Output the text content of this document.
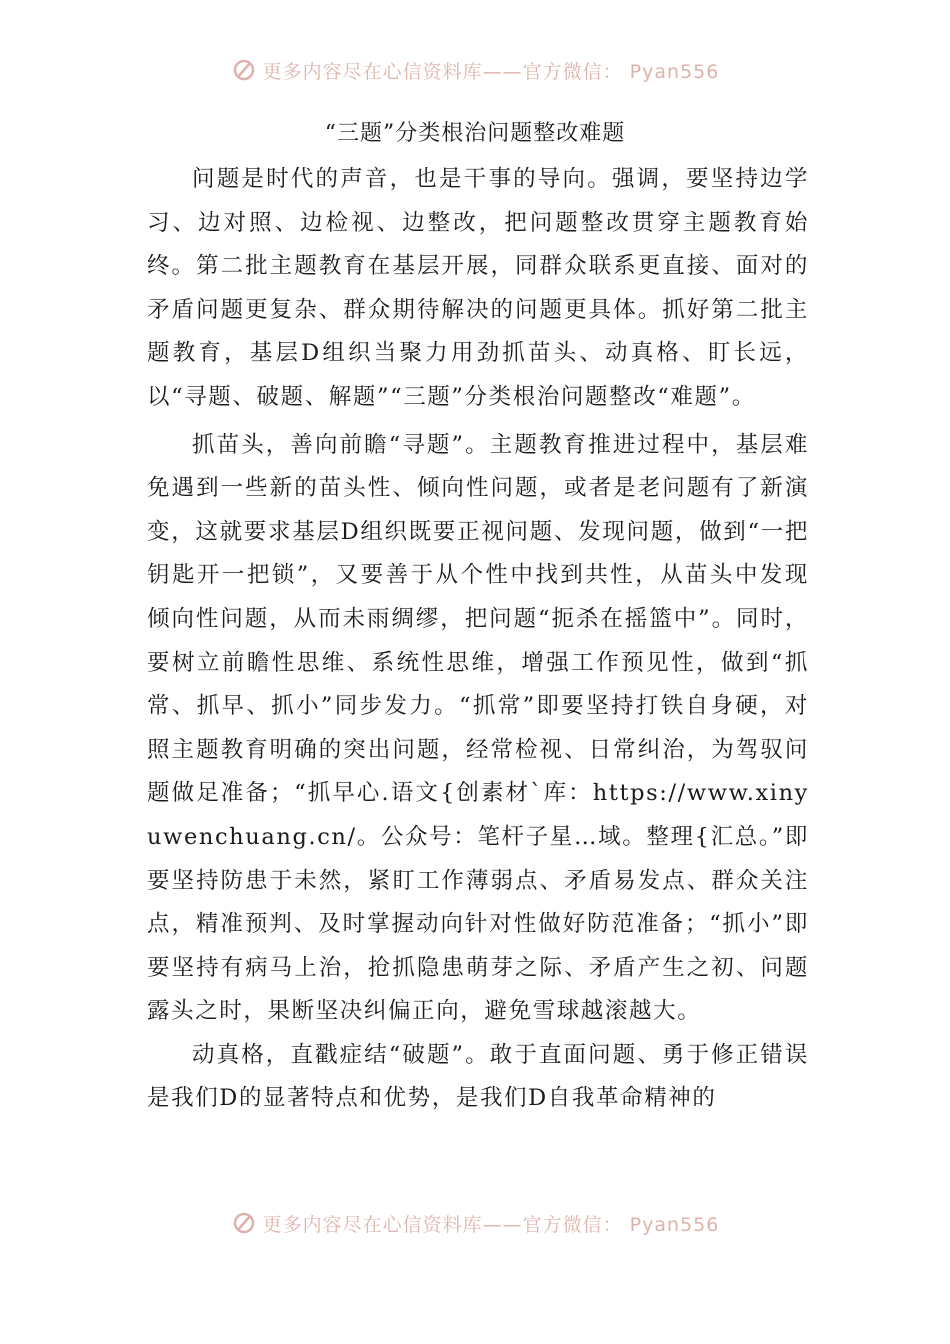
更多内容尽在心信资料库——官方微信： Pyan556
“三题”分类根治问题整改难题

问题是时代的声音，也是干事的导向。强调，要坚持边学习、边对照、边检视、边整改，把问题整改贯穿主题教育始终。第二批主题教育在基层开展，同群众联系更直接、面对的矛盾问题更复杂、群众期待解决的问题更具体。抓好第二批主题教育，基层D组织当聚力用劲抓苗头、动真格、盯长远，以“寻题、破题、解题”“三题”分类根治问题整改“难题”。

抓苗头，善向前瞻“寻题”。主题教育推进过程中，基层难免遇到一些新的苗头性、倾向性问题，或者是老问题有了新演变，这就要求基层D组织既要正视问题、发现问题，做到“一把钥匙开一把锁”，又要善于从个性中找到共性，从苗头中发现倾向性问题，从而未雨绸缪，把问题“扼杀在摇篮中”。同时，要树立前瞻性思维、系统性思维，增强工作预见性，做到“抓常、抓早、抓小”同步发力。“抓常”即要坚持打铁自身硬，对照主题教育明确的突出问题，经常检视、日常纠治，为驾驭问题做足准备；“抓早心.语文{创素材`库：https://www.xinyuwenchuang.cn/。公众号：笔杆子星…域。整理{汇总。”即要坚持防患于未然，紧盯工作薄弱点、矛盾易发点、群众关注点，精准预判、及时掌握动向针对性做好防范准备；“抓小”即要坚持有病马上治，抢抓隐患萌芽之际、矛盾产生之初、问题露头之时，果断坚决纠偏正向，避免雪球越滚越大。

动真格，直戳症结“破题”。敢于直面问题、勇于修正错误是我们D的显著特点和优势，是我们D自我革命精神的

更多内容尽在心信资料库——官方微信： Pyan556
